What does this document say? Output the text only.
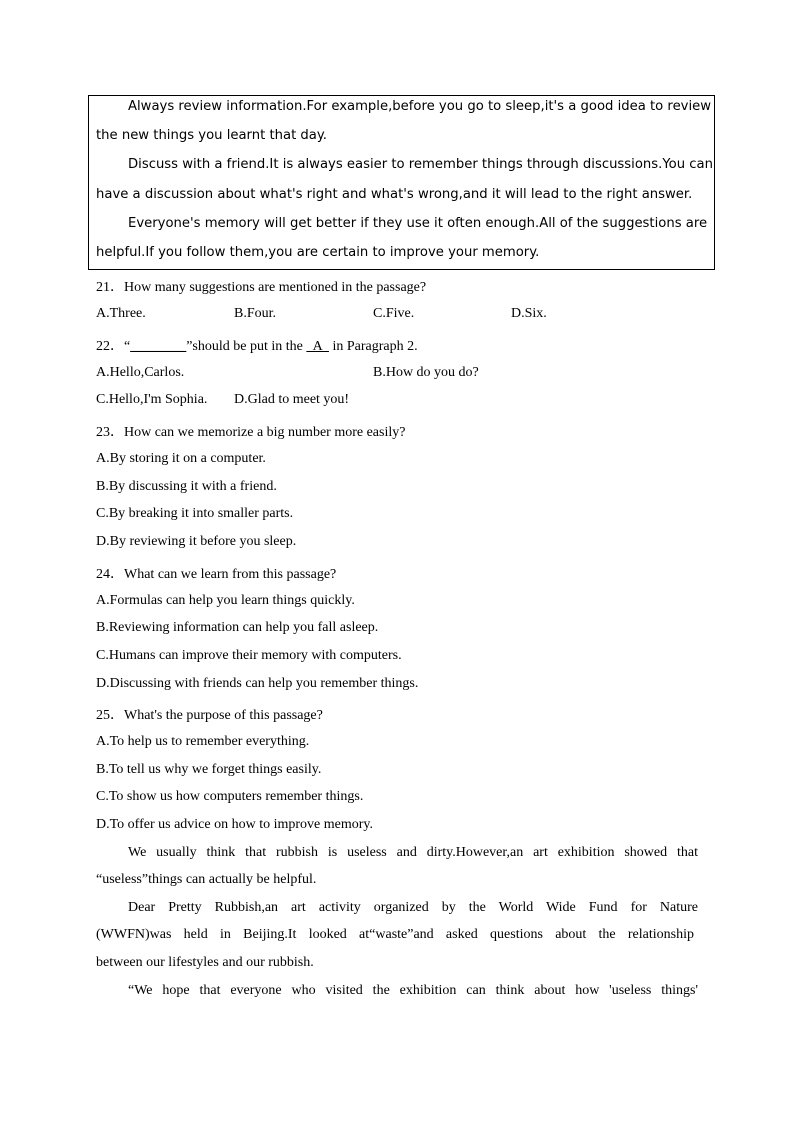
Always review information.For example,before you go to sleep,it's a good idea to review
the new things you learnt that day.
Discuss with a friend.It is always easier to remember things through discussions.You can
have a discussion about what's right and what's wrong,and it will lead to the right answer.
Everyone's memory will get better if they use it often enough.All of the suggestions are
helpful.If you follow them,you are certain to improve your memory.
21．How many suggestions are mentioned in the passage?
A.Three.	B.Four.	C.Five.	D.Six.
22．“________”should be put in the   A   in Paragraph 2.
A.Hello,Carlos.	B.How do you do?
C.Hello,I'm Sophia. D.Glad to meet you!
23．How can we memorize a big number more easily?
A.By storing it on a computer.
B.By discussing it with a friend.
C.By breaking it into smaller parts.
D.By reviewing it before you sleep.
24．What can we learn from this passage?
A.Formulas can help you learn things quickly.
B.Reviewing information can help you fall asleep.
C.Humans can improve their memory with computers.
D.Discussing with friends can help you remember things.
25．What's the purpose of this passage?
A.To help us to remember everything.
B.To tell us why we forget things easily.
C.To show us how computers remember things.
D.To offer us advice on how to improve memory.
We usually think that rubbish is useless and dirty.However,an art exhibition showed that
“useless”things can actually be helpful.
Dear Pretty Rubbish,an art activity organized by the World Wide Fund for Nature
(WWFN)was held in Beijing.It looked at“waste”and asked questions about the relationship
between our lifestyles and our rubbish.
“We hope that everyone who visited the exhibition can think about how 'useless things'
